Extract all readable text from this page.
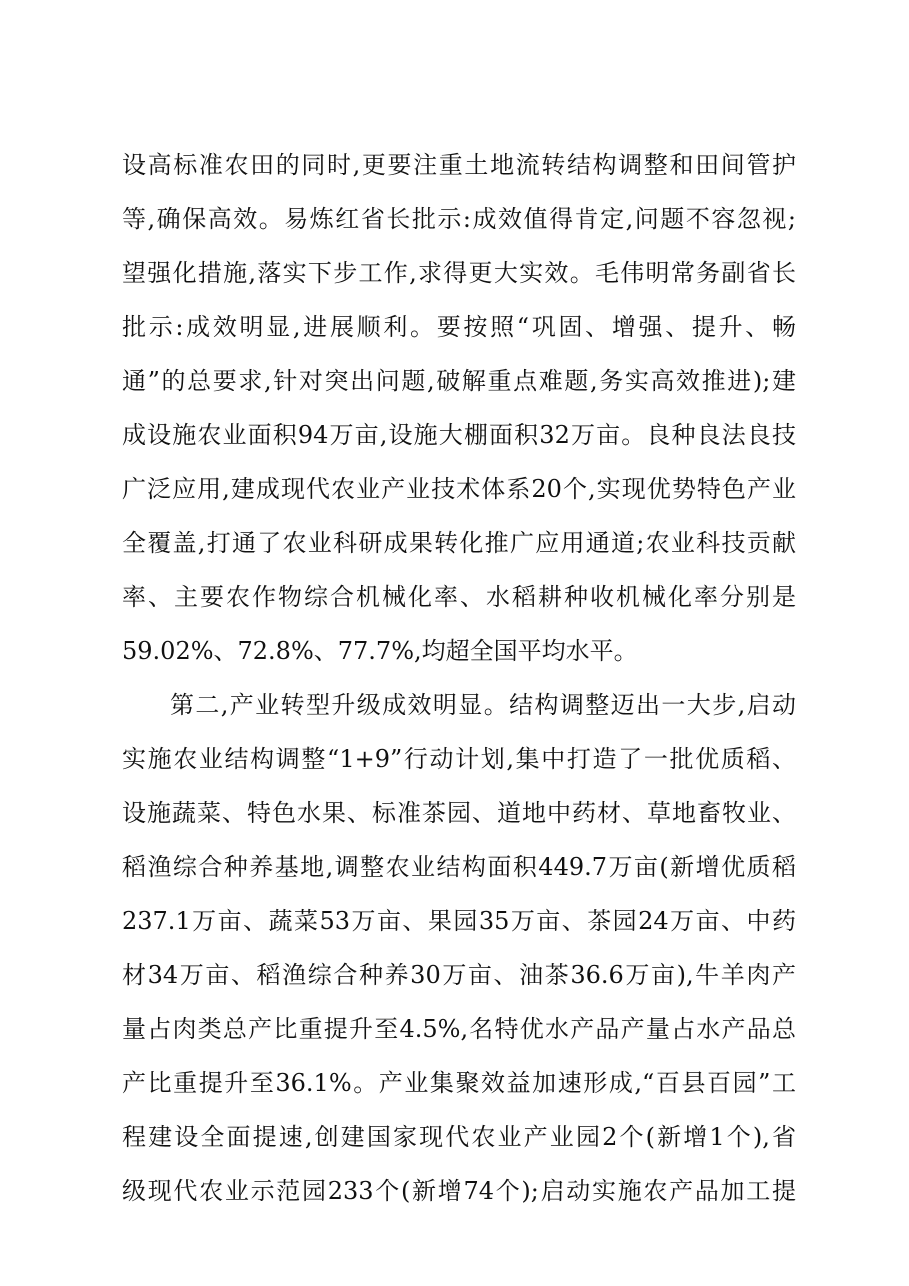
设高标准农田的同时,更要注重土地流转结构调整和田间管护
等,确保高效。易炼红省长批示:成效值得肯定,问题不容忽视;
望强化措施,落实下步工作,求得更大实效。毛伟明常务副省长
批示:成效明显,进展顺利。要按照“巩固、增强、提升、畅
通”的总要求,针对突出问题,破解重点难题,务实高效推进);建
成设施农业面积94万亩,设施大棚面积32万亩。良种良法良技
广泛应用,建成现代农业产业技术体系20个,实现优势特色产业
全覆盖,打通了农业科研成果转化推广应用通道;农业科技贡献
率、主要农作物综合机械化率、水稻耕种收机械化率分别是
59.02%、72.8%、77.7%,均超全国平均水平。
第二,产业转型升级成效明显。结构调整迈出一大步,启动
实施农业结构调整“1+9”行动计划,集中打造了一批优质稻、
设施蔬菜、特色水果、标准茶园、道地中药材、草地畜牧业、
稻渔综合种养基地,调整农业结构面积449.7万亩(新增优质稻
237.1万亩、蔬菜53万亩、果园35万亩、茶园24万亩、中药
材34万亩、稻渔综合种养30万亩、油茶36.6万亩),牛羊肉产
量占肉类总产比重提升至4.5%,名特优水产品产量占水产品总
产比重提升至36.1%。产业集聚效益加速形成,“百县百园”工
程建设全面提速,创建国家现代农业产业园2个(新增1个),省
级现代农业示范园233个(新增74个);启动实施农产品加工提
